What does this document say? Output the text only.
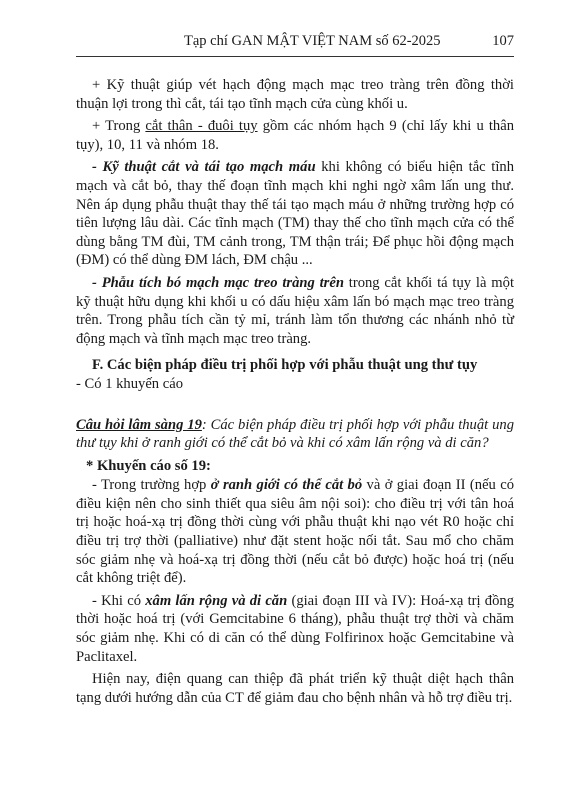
Tạp chí GAN MẬT VIỆT NAM số 62-2025	107

+ Kỹ thuật giúp vét hạch động mạch mạc treo tràng trên đồng thời thuận lợi trong thì cắt, tái tạo tĩnh mạch cửa cùng khối u.

+ Trong cắt thân - đuôi tụy gồm các nhóm hạch 9 (chỉ lấy khi u thân tụy), 10, 11 và nhóm 18.

- Kỹ thuật cắt và tái tạo mạch máu khi không có biểu hiện tắc tĩnh mạch và cắt bỏ, thay thế đoạn tĩnh mạch khi nghi ngờ xâm lấn ung thư. Nên áp dụng phẫu thuật thay thế tái tạo mạch máu ở những trường hợp có tiên lượng lâu dài. Các tĩnh mạch (TM) thay thế cho tĩnh mạch cửa có thể dùng bằng TM đùi, TM cảnh trong, TM thận trái; Để phục hồi động mạch (ĐM) có thể dùng ĐM lách, ĐM chậu ...

- Phẫu tích bó mạch mạc treo tràng trên trong cắt khối tá tụy là một kỹ thuật hữu dụng khi khối u có dấu hiệu xâm lấn bó mạch mạc treo tràng trên. Trong phẫu tích cần tỷ mỉ, tránh làm tổn thương các nhánh nhỏ từ động mạch và tĩnh mạch mạc treo tràng.

F. Các biện pháp điều trị phối hợp với phẫu thuật ung thư tụy

- Có 1 khuyến cáo

Câu hỏi lâm sàng 19: Các biện pháp điều trị phối hợp với phẫu thuật ung thư tụy khi ở ranh giới có thể cắt bỏ và khi có xâm lấn rộng và di căn?

* Khuyến cáo số 19:

- Trong trường hợp ở ranh giới có thể cắt bỏ và ở giai đoạn II (nếu có điều kiện nên cho sinh thiết qua siêu âm nội soi): cho điều trị với tân hoá trị hoặc hoá-xạ trị đồng thời cùng với phẫu thuật khi nạo vét R0 hoặc chỉ điều trị trợ thời (palliative) như đặt stent hoặc nối tắt. Sau mổ cho chăm sóc giảm nhẹ và hoá-xạ trị đồng thời (nếu cắt bỏ được) hoặc hoá trị (nếu cắt không triệt để).

- Khi có xâm lấn rộng và di căn (giai đoạn III và IV): Hoá-xạ trị đồng thời hoặc hoá trị (với Gemcitabine 6 tháng), phẫu thuật trợ thời và chăm sóc giảm nhẹ. Khi có di căn có thể dùng Folfirinox hoặc Gemcitabine và Paclitaxel.

Hiện nay, điện quang can thiệp đã phát triển kỹ thuật diệt hạch thân tạng dưới hướng dẫn của CT để giảm đau cho bệnh nhân và hỗ trợ điều trị.
